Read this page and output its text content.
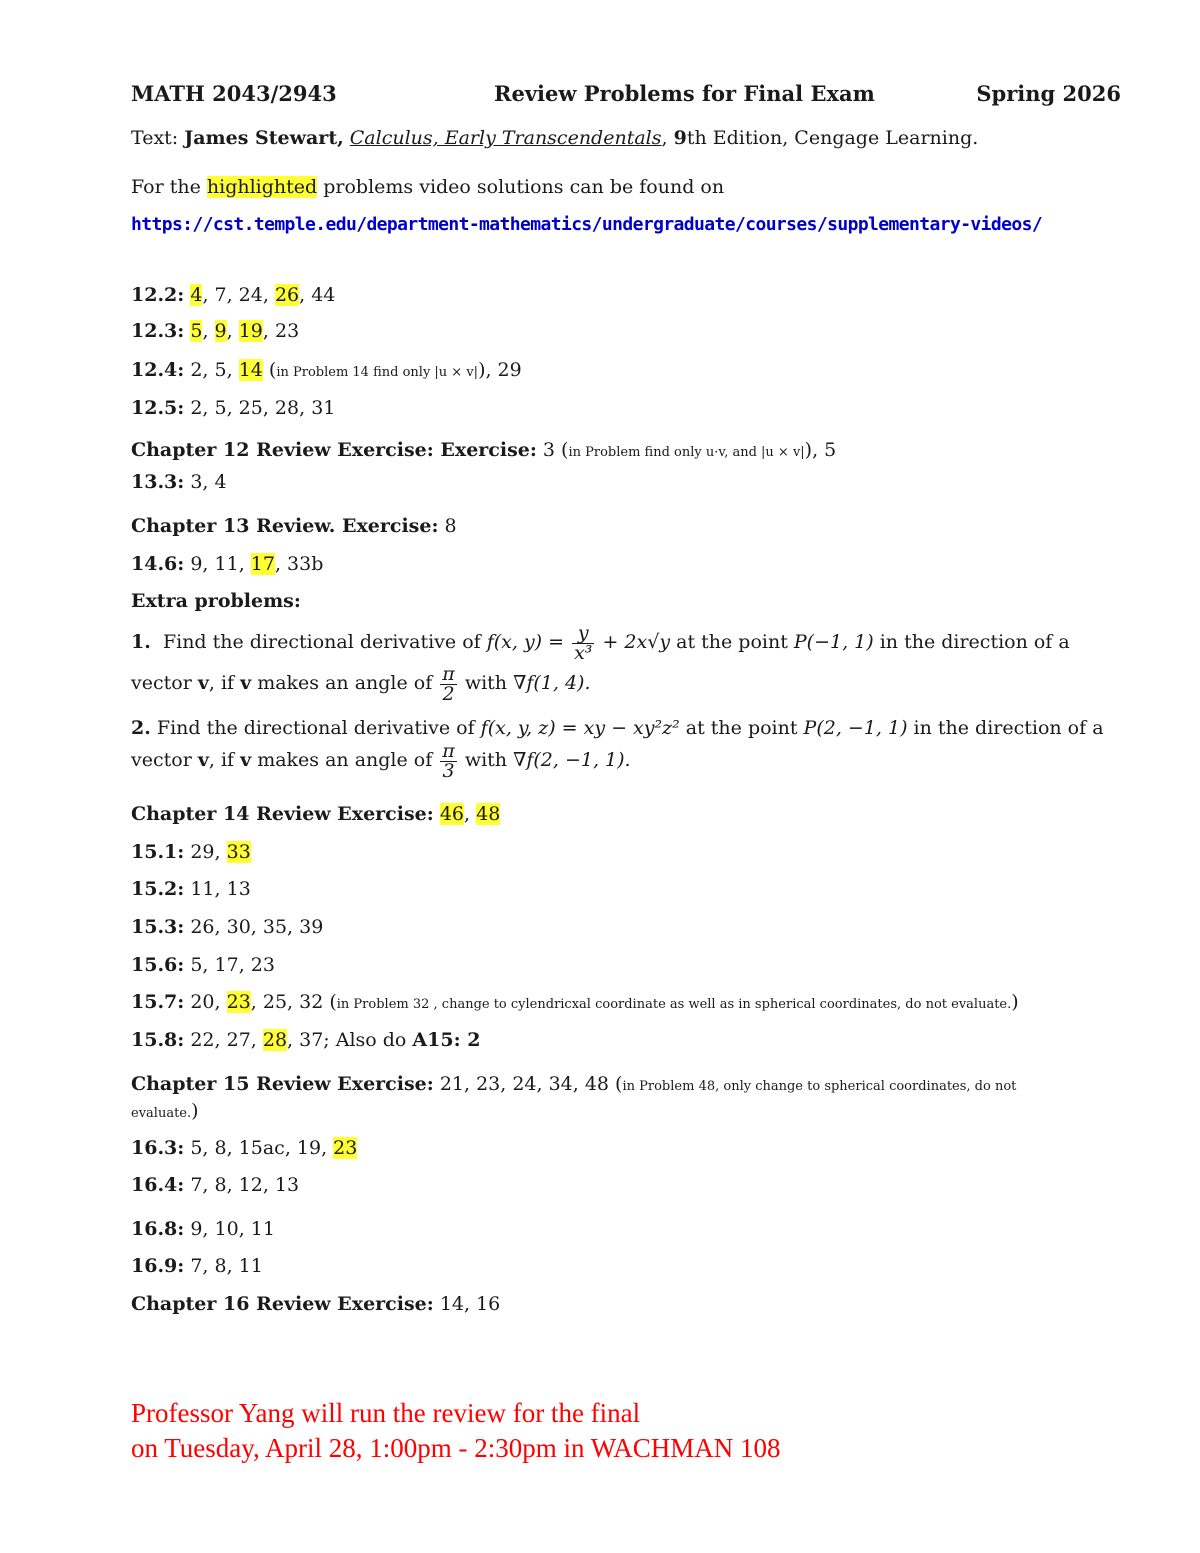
MATH 2043/2943	Review Problems for Final Exam	Spring 2026
Text: James Stewart, Calculus, Early Transcendentals, 9th Edition, Cengage Learning.
For the highlighted problems video solutions can be found on
https://cst.temple.edu/department-mathematics/undergraduate/courses/supplementary-videos/
12.2: 4, 7, 24, 26, 44
12.3: 5, 9, 19, 23
12.4: 2, 5, 14 (in Problem 14 find only |u × v|), 29
12.5: 2, 5, 25, 28, 31
Chapter 12 Review Exercise: Exercise: 3 (in Problem find only u·v, and |u × v|), 5
13.3: 3, 4
Chapter 13 Review. Exercise: 8
14.6: 9, 11, 17, 33b
Extra problems:
1. Find the directional derivative of f(x, $y) = \frac{y}{\text{x³}} + 2x√y$ at the point P(−1, 1) in the direction of a
vector v, if v makes an angle of $\frac{\pi}{2}$ with ∇f(1, 4).
2. Find the directional derivative of f(x, y, z) = xy − xy²z² at the point P(2, −1, 1) in the direction of a
vector v, if v makes an angle of $\frac{\pi}{3}$ with ∇f(2, −1, 1).
Chapter 14 Review Exercise: 46, 48
15.1: 29, 33
15.2: 11, 13
15.3: 26, 30, 35, 39
15.6: 5, 17, 23
15.7: 20, 23, 25, 32 (in Problem 32 , change to cylendricxal coordinate as well as in spherical coordinates, do not evaluate.)
15.8: 22, 27, 28, 37; Also do A15: 2
Chapter 15 Review Exercise: 21, 23, 24, 34, 48 (in Problem 48, only change to spherical coordinates, do not
evaluate.)
16.3: 5, 8, 15ac, 19, 23
16.4: 7, 8, 12, 13
16.8: 9, 10, 11
16.9: 7, 8, 11
Chapter 16 Review Exercise: 14, 16
Professor Yang will run the review for the final
on Tuesday, April 28, 1:00pm - 2:30pm in WACHMAN 108
